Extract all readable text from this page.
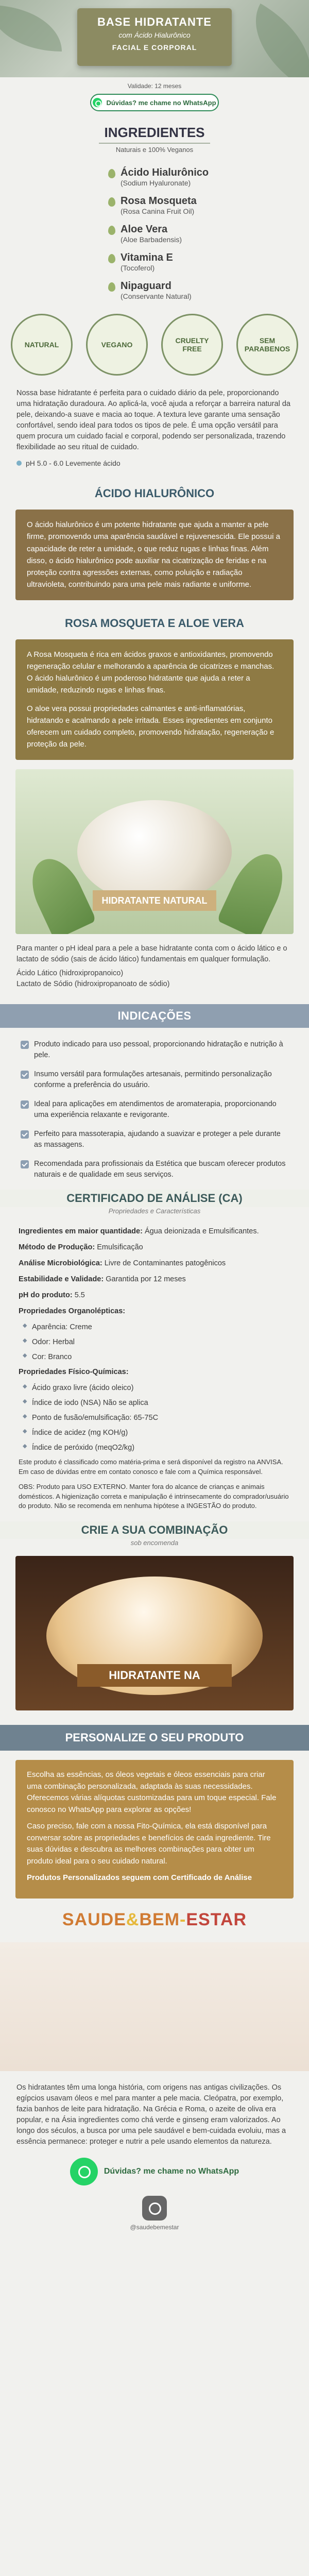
BASE HIDRATANTE
com Ácido Hialurônico
FACIAL E CORPORAL
Validade: 12 meses
Dúvidas? me chame no WhatsApp
INGREDIENTES
Naturais e 100% Veganos
Ácido Hialurônico
(Sodium Hyaluronate)
Rosa Mosqueta
(Rosa Canina Fruit Oil)
Aloe Vera
(Aloe Barbadensis)
Vitamina E
(Tocoferol)
Nipaguard
(Conservante Natural)
NATURAL	VEGANO	CRUELTY FREE
SEM PARABENOS

Nossa base hidratante é perfeita para o cuidado diário da pele, proporcionando uma hidratação duradoura. Ao aplicá-la, você ajuda a reforçar a barreira natural da pele, deixando-a suave e macia ao toque. A textura leve garante uma sensação confortável, sendo ideal para todos os tipos de pele. É uma opção versátil para quem procura um cuidado facial e corporal, podendo ser personalizada, trazendo flexibilidade ao seu ritual de cuidado.

pH 5.0 - 6.0 Levemente ácido
ÁCIDO HIALURÔNICO
O ácido hialurônico é um potente hidratante que ajuda a manter a pele firme, promovendo uma aparência saudável e rejuvenescida. Ele possui a capacidade de reter a umidade, o que reduz rugas e linhas finas. Além disso, o ácido hialurônico pode auxiliar na cicatrização de feridas e na proteção contra agressões externas, como poluição e radiação ultravioleta, contribuindo para uma pele mais radiante e uniforme.
ROSA MOSQUETA E ALOE VERA

A Rosa Mosqueta é rica em ácidos graxos e antioxidantes, promovendo regeneração celular e melhorando a aparência de cicatrizes e manchas. O ácido hialurônico é um poderoso hidratante que ajuda a reter a umidade, reduzindo rugas e linhas finas.

O aloe vera possui propriedades calmantes e anti-inflamatórias, hidratando e acalmando a pele irritada. Esses ingredientes em conjunto oferecem um cuidado completo, promovendo hidratação, regeneração e proteção da pele.

HIDRATANTE NATURAL

Para manter o pH ideal para a pele a base hidratante conta com o ácido lático e o lactato de sódio (sais de ácido lático) fundamentais em qualquer formulação.

Ácido Lático (hidroxipropanoico)

Lactato de Sódio (hidroxipropanoato de sódio)

INDICAÇÕES
Produto indicado para uso pessoal, proporcionando hidratação e nutrição à pele.
Insumo versátil para formulações artesanais, permitindo personalização conforme a preferência do usuário.
Ideal para aplicações em atendimentos de aromaterapia, proporcionando uma experiência relaxante e revigorante.
Perfeito para massoterapia, ajudando a suavizar e proteger a pele durante as massagens.
Recomendada para profissionais da Estética que buscam oferecer produtos naturais e de qualidade em seus serviços.
CERTIFICADO DE ANÁLISE (CA)
Propriedades e Características

Ingredientes em maior quantidade: Água deionizada e Emulsificantes.

Método de Produção: Emulsificação

Análise Microbiológica: Livre de Contaminantes patogênicos

Estabilidade e Validade: Garantida por 12 meses

pH do produto: 5.5

Propriedades Organolépticas:

◆ Aparência: Creme
◆ Odor: Herbal
◆ Cor: Branco

Propriedades Físico-Químicas:

◆ Ácido graxo livre (ácido oleico)
◆ Índice de iodo (NSA) Não se aplica
◆ Ponto de fusão/emulsificação: 65-75C
◆ Índice de acidez (mg KOH/g)
◆ Índice de peróxido (meqO2/kg)

Este produto é classificado como matéria-prima e será disponível da registro na ANVISA. Em caso de dúvidas entre em contato conosco e fale com a Química responsável.

OBS: Produto para USO EXTERNO. Manter fora do alcance de crianças e animais domésticos. A higienização correta e manipulação é intrinsecamente do comprador/usuário do produto. Não se recomenda em nenhuma hipótese a INGESTÃO do produto.

CRIE A SUA COMBINAÇÃO
sob encomenda
HIDRATANTE NA
PERSONALIZE O SEU PRODUTO

Escolha as essências, os óleos vegetais e óleos essenciais para criar uma combinação personalizada, adaptada às suas necessidades. Oferecemos várias alíquotas customizadas para um toque especial. Fale conosco no WhatsApp para explorar as opções!

Caso preciso, fale com a nossa Fito-Química, ela está disponível para conversar sobre as propriedades e benefícios de cada ingrediente. Tire suas dúvidas e descubra as melhores combinações para obter um produto ideal para o seu cuidado natural.

Produtos Personalizados seguem com Certificado de Análise

SAUDE&BEM-ESTAR

Os hidratantes têm uma longa história, com origens nas antigas civilizações. Os egípcios usavam óleos e mel para manter a pele macia. Cleópatra, por exemplo, fazia banhos de leite para hidratação. Na Grécia e Roma, o azeite de oliva era popular, e na Ásia ingredientes como chá verde e ginseng eram valorizados. Ao longo dos séculos, a busca por uma pele saudável e bem-cuidada evoluiu, mas a essência permanece: proteger e nutrir a pele usando elementos da natureza.

Dúvidas? me chame no WhatsApp
@saudebemestar
